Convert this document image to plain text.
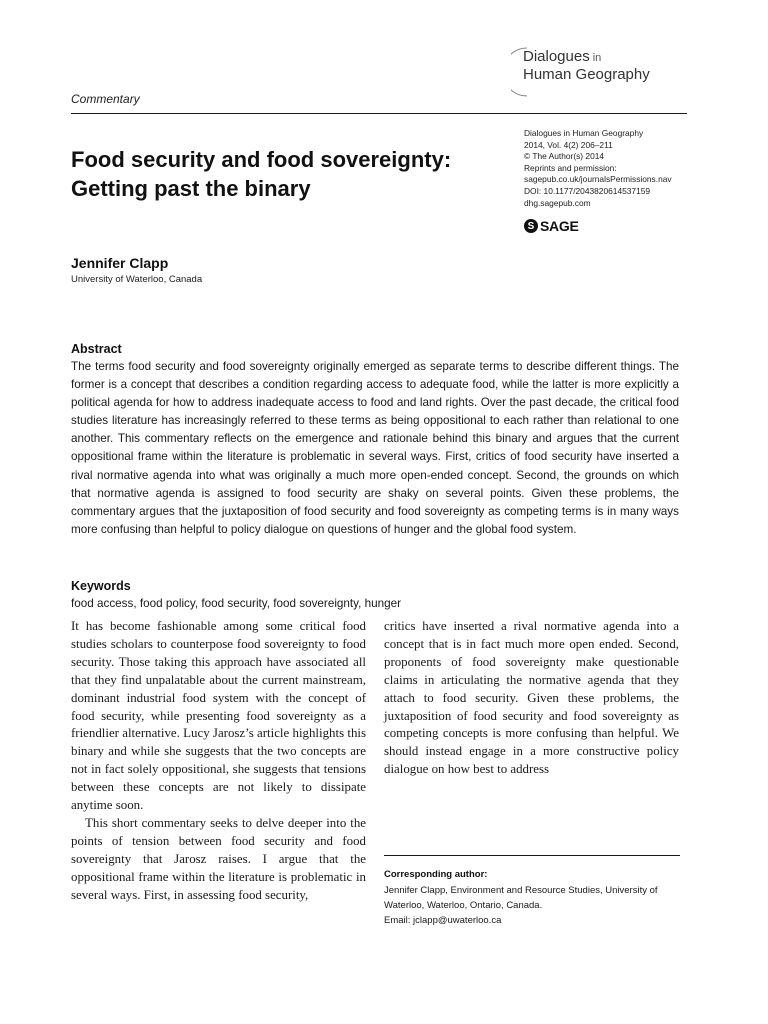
Dialogues in
Human Geography
Commentary
Food security and food sovereignty: Getting past the binary
Dialogues in Human Geography
2014, Vol. 4(2) 206–211
© The Author(s) 2014
Reprints and permission:
sagepub.co.uk/journalsPermissions.nav
DOI: 10.1177/2043820614537159
dhg.sagepub.com
S SAGE
Jennifer Clapp
University of Waterloo, Canada
Abstract
The terms food security and food sovereignty originally emerged as separate terms to describe different things. The former is a concept that describes a condition regarding access to adequate food, while the latter is more explicitly a political agenda for how to address inadequate access to food and land rights. Over the past decade, the critical food studies literature has increasingly referred to these terms as being oppositional to each rather than relational to one another. This commentary reflects on the emergence and rationale behind this binary and argues that the current oppositional frame within the literature is problematic in several ways. First, critics of food security have inserted a rival normative agenda into what was originally a much more open-ended concept. Second, the grounds on which that normative agenda is assigned to food security are shaky on several points. Given these problems, the commentary argues that the juxtaposition of food security and food sovereignty as competing terms is in many ways more confusing than helpful to policy dialogue on questions of hunger and the global food system.
Keywords
food access, food policy, food security, food sovereignty, hunger

It has become fashionable among some critical food studies scholars to counterpose food sovereignty to food security. Those taking this approach have associated all that they find unpalatable about the current mainstream, dominant industrial food system with the concept of food security, while presenting food sovereignty as a friendlier alternative. Lucy Jarosz’s article highlights this binary and while she suggests that the two concepts are not in fact solely oppositional, she suggests that tensions between these concepts are not likely to dissipate anytime soon.

This short commentary seeks to delve deeper into the points of tension between food security and food sovereignty that Jarosz raises. I argue that the oppositional frame within the literature is problematic in several ways. First, in assessing food security,

critics have inserted a rival normative agenda into a concept that is in fact much more open ended. Second, proponents of food sovereignty make questionable claims in articulating the normative agenda that they attach to food security. Given these problems, the juxtaposition of food security and food sovereignty as competing concepts is more confusing than helpful. We should instead engage in a more constructive policy dialogue on how best to address

Corresponding author:
Jennifer Clapp, Environment and Resource Studies, University of
Waterloo, Waterloo, Ontario, Canada.
Email: jclapp@uwaterloo.ca
